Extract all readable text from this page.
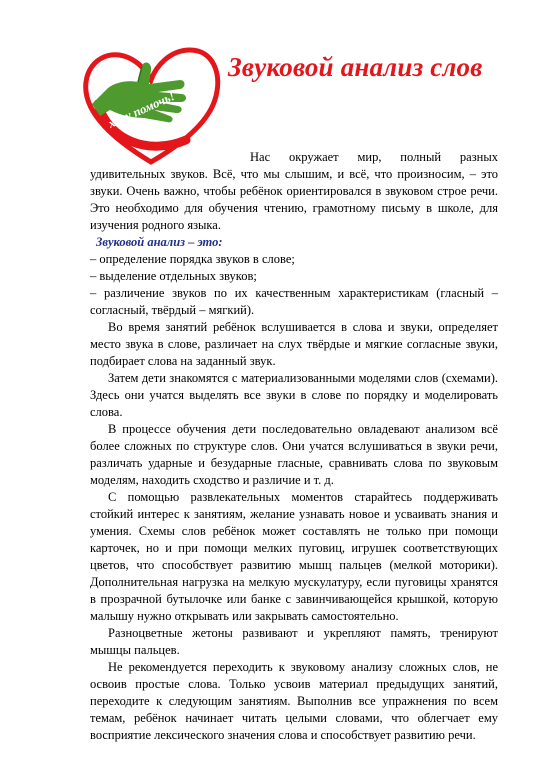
хочу помочь!
Звуковой анализ слов

Нас окружает мир, полный разных удивительных звуков. Всё, что мы слышим, и всё, что произносим, – это звуки. Очень важно, чтобы ребёнок ориентировался в звуковом строе речи. Это необходимо для обучения чтению, грамотному письму в школе, для изучения родного языка.

Звуковой анализ – это:

– определение порядка звуков в слове;

– выделение отдельных звуков;

– различение звуков по их качественным характеристикам (гласный – согласный, твёрдый – мягкий).

Во время занятий ребёнок вслушивается в слова и звуки, определяет место звука в слове, различает на слух твёрдые и мягкие согласные звуки, подбирает слова на заданный звук.

Затем дети знакомятся с материализованными моделями слов (схемами). Здесь они учатся выделять все звуки в слове по порядку и моделировать слова.

В процессе обучения дети последовательно овладевают анализом всё более сложных по структуре слов. Они учатся вслушиваться в звуки речи, различать ударные и безударные гласные, сравнивать слова по звуковым моделям, находить сходство и различие и т. д.

С помощью развлекательных моментов старайтесь поддерживать стойкий интерес к занятиям, желание узнавать новое и усваивать знания и умения. Схемы слов ребёнок может составлять не только при помощи карточек, но и при помощи мелких пуговиц, игрушек соответствующих цветов, что способствует развитию мышц пальцев (мелкой моторики). Дополнительная нагрузка на мелкую мускулатуру, если пуговицы хранятся в прозрачной бутылочке или банке с завинчивающейся крышкой, которую малышу нужно открывать или закрывать самостоятельно.

Разноцветные жетоны развивают и укрепляют память, тренируют мышцы пальцев.

Не рекомендуется переходить к звуковому анализу сложных слов, не освоив простые слова. Только усвоив материал предыдущих занятий, переходите к следующим занятиям. Выполнив все упражнения по всем темам, ребёнок начинает читать целыми словами, что облегчает ему восприятие лексического значения слова и способствует развитию речи.
